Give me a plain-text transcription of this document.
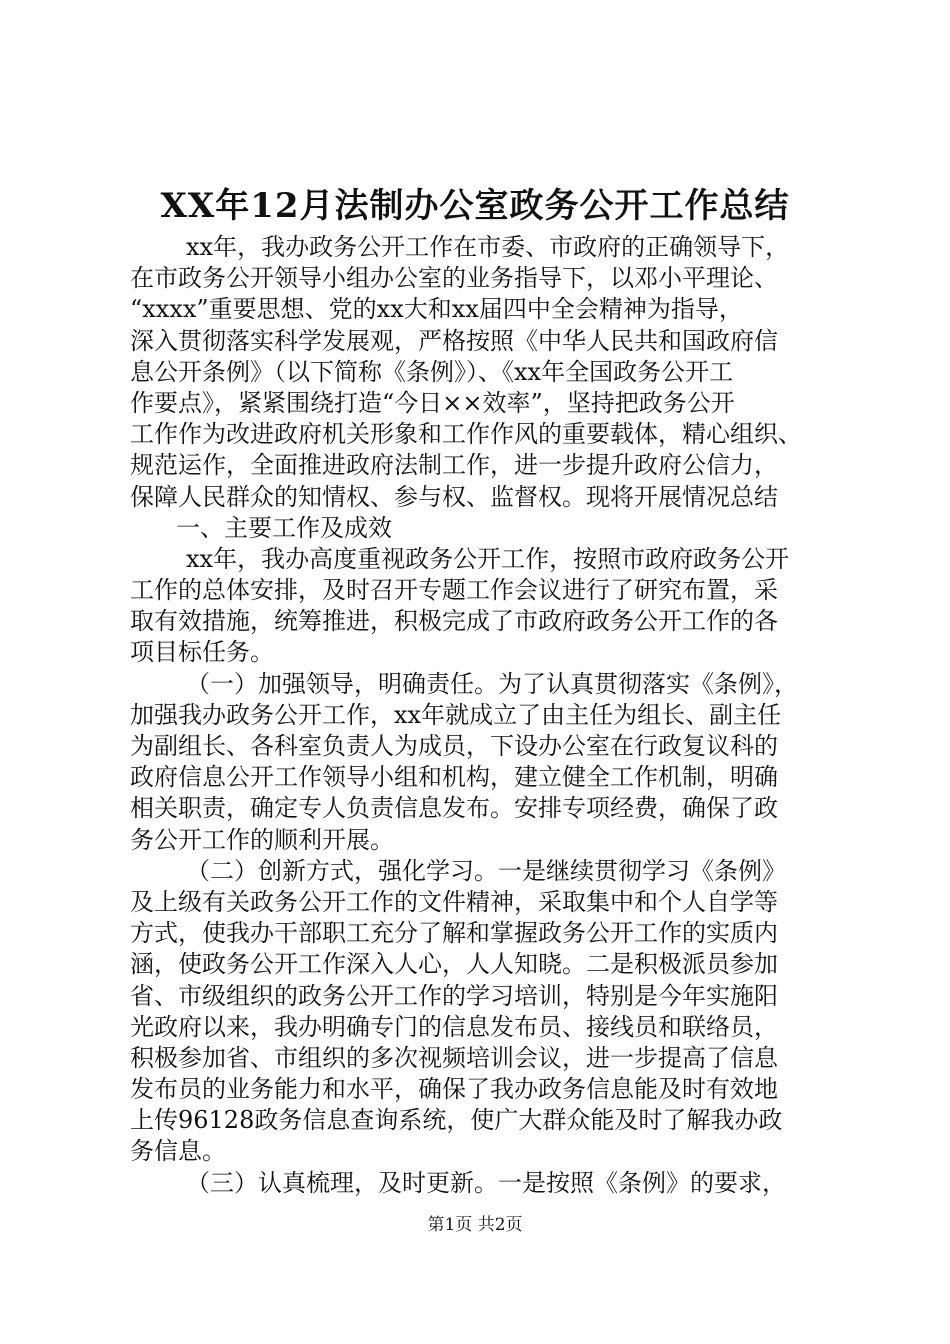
XX年12月法制办公室政务公开工作总结
xx年，我办政务公开工作在市委、市政府的正确领导下，
在市政务公开领导小组办公室的业务指导下，以邓小平理论、
“xxxx”重要思想、党的xx大和xx届四中全会精神为指导，
深入贯彻落实科学发展观，严格按照《中华人民共和国政府信
息公开条例》（以下简称《条例》）、《xx年全国政务公开工
作要点》，紧紧围绕打造“今日××效率”，坚持把政务公开
工作作为改进政府机关形象和工作作风的重要载体，精心组织、
规范运作，全面推进政府法制工作，进一步提升政府公信力，
保障人民群众的知情权、参与权、监督权。现将开展情况总结
一、主要工作及成效
xx年，我办高度重视政务公开工作，按照市政府政务公开
工作的总体安排，及时召开专题工作会议进行了研究布置，采
取有效措施，统筹推进，积极完成了市政府政务公开工作的各
项目标任务。
（一）加强领导，明确责任。为了认真贯彻落实《条例》，
加强我办政务公开工作，xx年就成立了由主任为组长、副主任
为副组长、各科室负责人为成员，下设办公室在行政复议科的
政府信息公开工作领导小组和机构，建立健全工作机制，明确
相关职责，确定专人负责信息发布。安排专项经费，确保了政
务公开工作的顺利开展。
（二）创新方式，强化学习。一是继续贯彻学习《条例》
及上级有关政务公开工作的文件精神，采取集中和个人自学等
方式，使我办干部职工充分了解和掌握政务公开工作的实质内
涵，使政务公开工作深入人心，人人知晓。二是积极派员参加
省、市级组织的政务公开工作的学习培训，特别是今年实施阳
光政府以来，我办明确专门的信息发布员、接线员和联络员，
积极参加省、市组织的多次视频培训会议，进一步提高了信息
发布员的业务能力和水平，确保了我办政务信息能及时有效地
上传96128政务信息查询系统，使广大群众能及时了解我办政
务信息。
（三）认真梳理，及时更新。一是按照《条例》的要求，
第1页 共2页
